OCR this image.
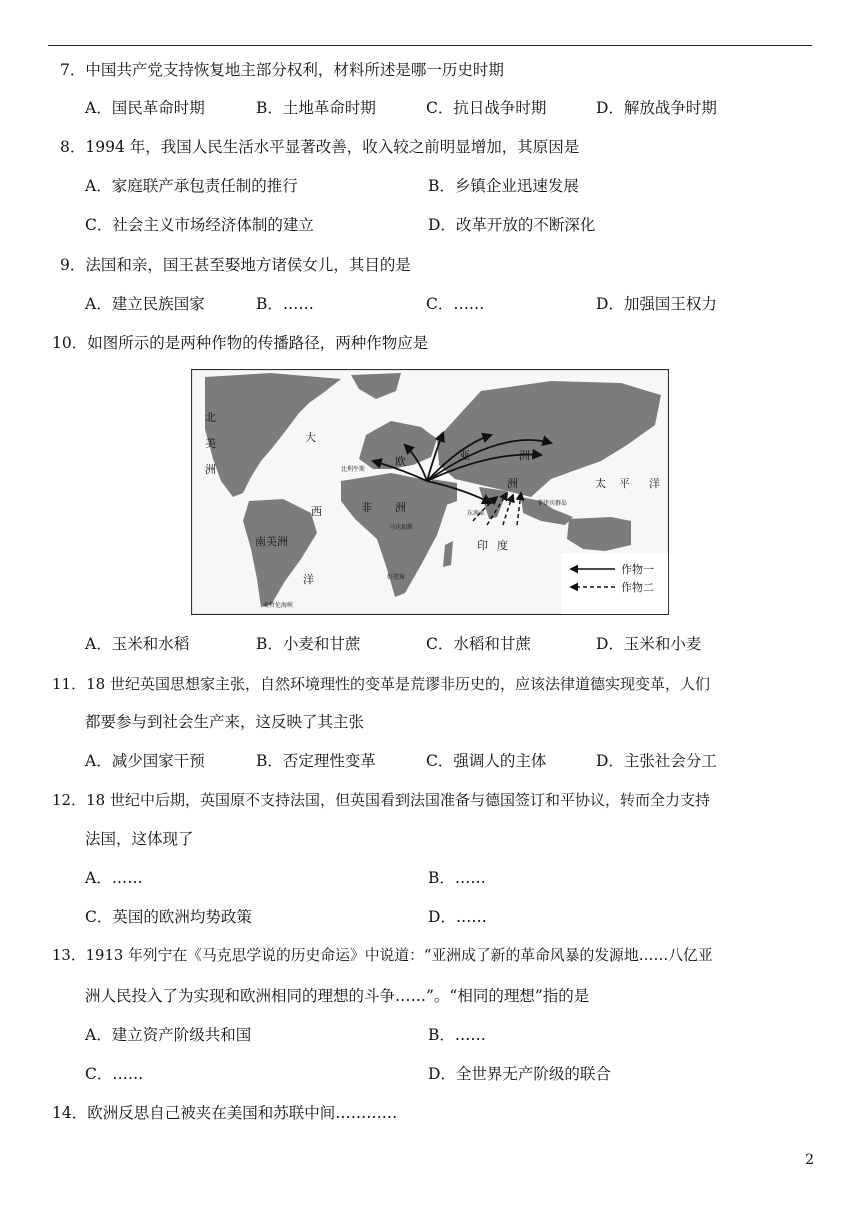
7．中国共产党支持恢复地主部分权利，材料所述是哪一历史时期
A．国民革命时期	B．土地革命时期	C．抗日战争时期	D．解放战争时期
8．1994 年，我国人民生活水平显著改善，收入较之前明显增加，其原因是
A．家庭联产承包责任制的推行	B．乡镇企业迅速发展
C．社会主义市场经济体制的建立	D．改革开放的不断深化
9．法国和亲，国王甚至娶地方诸侯女儿，其目的是
A．建立民族国家	B．……	C．……	D．加强国王权力
10．如图所示的是两种作物的传播路径，两种作物应是
北
美
洲
大
西
洋
欧	亚	洲
洲
非 洲
南美洲
太 平 洋
印 度
比利牛斯
菲律宾群岛
马达加斯
东南亚
好望角
麦哲伦海峡
作物一
作物二
A．玉米和水稻	B．小麦和甘蔗	C．水稻和甘蔗	D．玉米和小麦
11．18 世纪英国思想家主张，自然环境理性的变革是荒谬非历史的，应该法律道德实现变革，人们
都要参与到社会生产来，这反映了其主张
A．减少国家干预	B．否定理性变革	C．强调人的主体	D．主张社会分工
12．18 世纪中后期，英国原不支持法国，但英国看到法国准备与德国签订和平协议，转而全力支持
法国，这体现了
A．……	B．……
C．英国的欧洲均势政策	D．……
13．1913 年列宁在《马克思学说的历史命运》中说道：“亚洲成了新的革命风暴的发源地……八亿亚
洲人民投入了为实现和欧洲相同的理想的斗争……”。“相同的理想”指的是
A．建立资产阶级共和国	B．……
C．……	D．全世界无产阶级的联合
14．欧洲反思自己被夹在美国和苏联中间…………
2
